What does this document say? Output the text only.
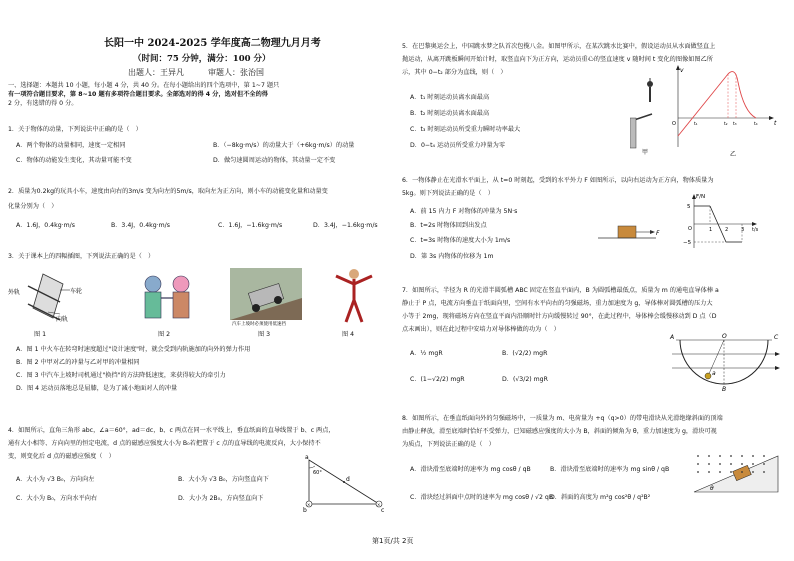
长阳一中 2024-2025 学年度高二物理九月月考
（时间：75 分钟，满分：100 分）
出题人：王异凡　　　审题人：张治国
一、选择题：本题共 10 小题，每小题 4 分，共 40 分。在每小题给出的四个选项中，第 1~7 题只
有一项符合题目要求，第 8~10 题有多项符合题目要求。全部选对的得 4 分，选对但不全的得
2 分，有选错的得 0 分。
1．关于物体的动量，下列说法中正确的是（　）
A．两个物体的动量相同，速度一定相同	B．（−8kg·m/s）的动量大于（+6kg·m/s）的动量
C．物体的动能发生变化，其动量可能不变	D．做匀速圆周运动的物体，其动量一定不变
2．质量为0.2kg的玩具小车，速度由向右的3m/s 变为向左的5m/s，取向左为正方向，则小车的动能变化量和动量变
化量分别为（　）
A．1.6J，0.4kg·m/s	B．3.4J，0.4kg·m/s	C．1.6J，−1.6kg·m/s	D．3.4J，−1.6kg·m/s
3．关于课本上的四幅插图，下列说法正确的是（　）
外轨	车轮
内轨
汽车上坡时必须使用低速挡
图 1	图 2	图 3	图 4
A．图 1 中火车在转弯时速度超过"设计速度"时，就会受到内轨施加的向外的弹力作用
B．图 2 中甲对乙的冲量与乙对甲的冲量相同
C．图 3 中汽车上坡时司机通过"换挡"的方法降低速度，来获得较大的牵引力
D．图 4 运动员落地总是屈膝，是为了减小地面对人的冲量
4．如图所示，直角三角形 abc，∠a＝60°，ad＝dc，b、c 两点在同一水平线上，垂直纸面的直导线置于 b、c 两点，
通有大小相等、方向向里的恒定电流，d 点的磁感应强度大小为 B₀若把置于 c 点的直导线的电流反向，大小保持不
变，则变化后 d 点的磁感应强度（　）
A．大小为 √3 B₀，方向向左	B．大小为 √3 B₀，方向竖直向下
C．大小为 B₀，方向水平向右	D．大小为 2B₀，方向竖直向下
×	×
a
60°
d
b	c
5．在巴黎奥运会上，中国跳水梦之队首次包揽八金。如图甲所示，在某次跳水比赛中，假设运动员从水面做竖直上
抛运动，从离开跳板瞬间开始计时，取竖直向下为正方向，运动员重心的竖直速度 v 随时间 t 变化的图像如图乙所
示，其中 0−t₂ 部分为直线，则（　）
A．t₁ 时刻运动员离水面最高
B．t₂ 时刻运动员离水面最高
C．t₃ 时刻运动员所受重力瞬时功率最大
D．0−t₄ 运动员所受重力冲量为零
甲
v
O	t
t₁	t₂ t₃	t₄
乙
6．一物体静止在光滑水平面上，从 t=0 时刻起，受到的水平外力 F 如图所示，以向右运动为正方向，物体质量为
5kg。则下列说法正确的是（　）
A．前 15 内力 F 对物体的冲量为 5N·s
B．t=2s 时物体回到出发点
C．t=3s 时物体的速度大小为 1m/s
D．第 3s 内物体的位移为 1m
F
F/N
5
−5
O	1	2	3 t/s
7．如图所示，半径为 R 的光滑半圆弧槽 ABC 固定在竖直平面内，B 为圆弧槽最低点，质量为 m 的通电直导体棒 a
静止于 P 点，电流方向垂直于纸面向里，空间有水平向右的匀强磁场，重力加速度为 g，导体棒对圆弧槽的压力大
小等于 2mg，现将磁场方向在竖直平面内沿顺时针方向缓慢转过 90°，在此过程中，导体棒会缓慢移动到 D 点（D
点未画出），则在此过程中安培力对导体棒做的功为（　）
A．½ mgR	B．(√2/2) mgR
C．(1−√2/2) mgR	D．(√3/2) mgR
A	C
O
a
B
8．如图所示，在垂直纸面向外的匀强磁场中，一质量为 m、电荷量为 +q（q>0）的带电滑块从光滑绝缘斜面的顶端
由静止释放，滑至底端时恰好不受弹力，已知磁感应强度的大小为 B，斜面的倾角为 θ，重力加速度为 g，滑块可视
为质点，下列说法正确的是（　）
A．滑块滑至底端时的速率为 mg cosθ / qB	B．滑块滑至底端时的速率为 mg sinθ / qB
C．滑块经过斜面中点时的速率为 mg cosθ / √2 qB
D．斜面的高度为 m²g cos²θ / q²B²
θ
第1页/共 2页
